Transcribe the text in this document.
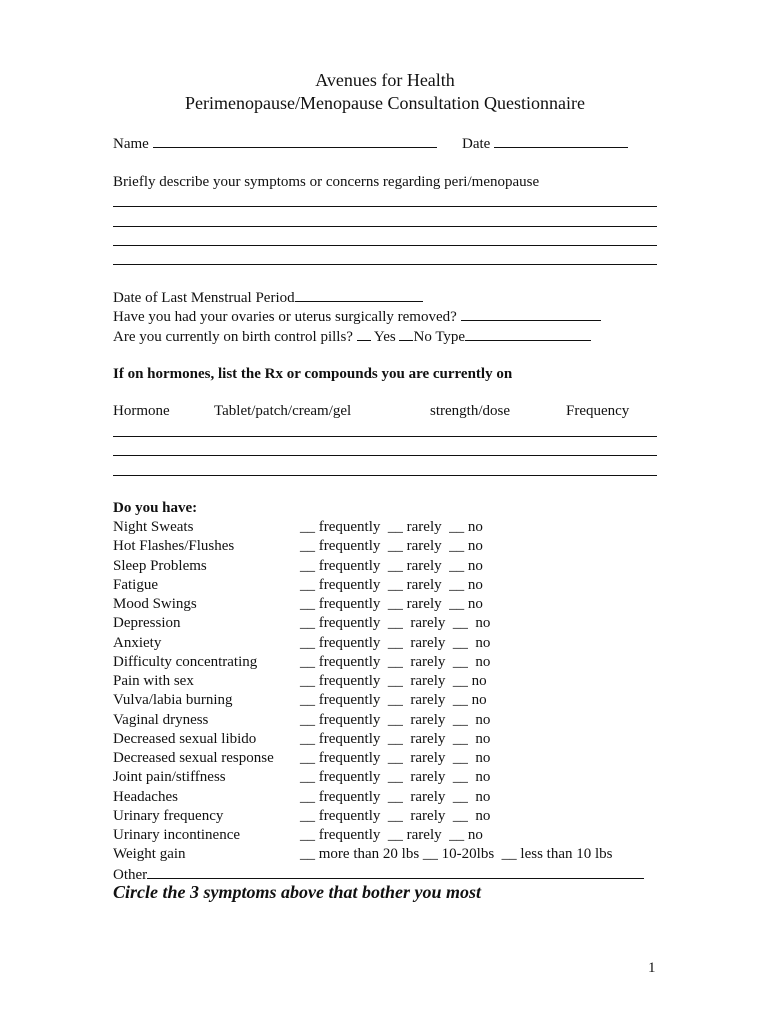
Avenues for Health
Perimenopause/Menopause Consultation Questionnaire
Name	Date
Briefly describe your symptoms or concerns regarding peri/menopause
Date of Last Menstrual Period
Have you had your ovaries or uterus surgically removed?
Are you currently on birth control pills? Yes No Type
If on hormones, list the Rx or compounds you are currently on
Hormone	Tablet/patch/cream/gel	strength/dose	Frequency
Do you have:
Night Sweats	__ frequently  __ rarely  __ no
Hot Flashes/Flushes	__ frequently  __ rarely  __ no
Sleep Problems	__ frequently  __ rarely  __ no
Fatigue	__ frequently  __ rarely  __ no
Mood Swings	__ frequently  __ rarely  __ no
Depression	__ frequently  __  rarely  __  no
Anxiety	__ frequently  __  rarely  __  no
Difficulty concentrating	__ frequently  __  rarely  __  no
Pain with sex	__ frequently  __  rarely  __ no
Vulva/labia burning	__ frequently  __  rarely  __ no
Vaginal dryness	__ frequently  __  rarely  __  no
Decreased sexual libido	__ frequently  __  rarely  __  no
Decreased sexual response __ frequently  __  rarely  __  no
Joint pain/stiffness	__ frequently  __  rarely  __  no
Headaches	__ frequently  __  rarely  __  no
Urinary frequency	__ frequently  __  rarely  __  no
Urinary incontinence	__ frequently  __ rarely  __ no
Weight gain	__ more than 20 lbs __ 10-20lbs  __ less than 10 lbs
Other
Circle the 3 symptoms above that bother you most
1
